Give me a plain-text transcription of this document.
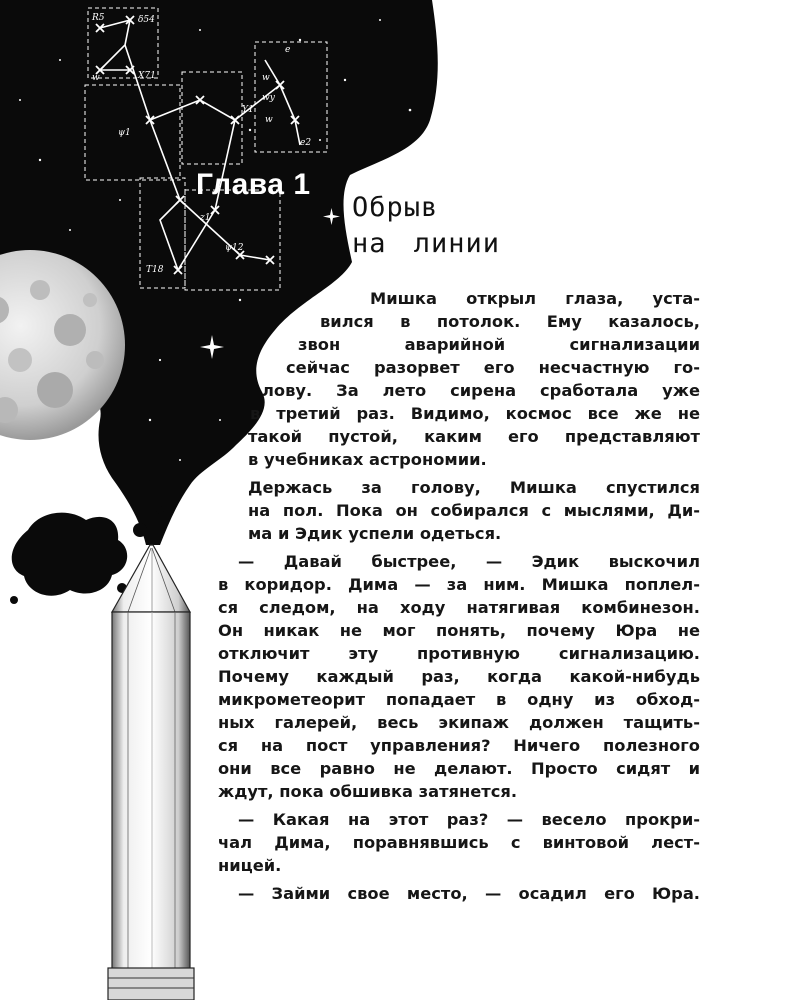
R5	δ54
w	X71
e
w
wy
w
ψ1
Y1
e2
z1
ψ12
T18
Глава 1
Обрыв
на линии
Мишка открыл глаза, уста-
вился в потолок. Ему казалось,
звон аварийной сигнализации
сейчас разорвет его несчастную го-
лову. За лето сирена сработала уже
в третий раз. Видимо, космос все же не
такой пустой, каким его представляют
в учебниках астрономии.
Держась за голову, Мишка спустился
на пол. Пока он собирался с мыслями, Ди-
ма и Эдик успели одеться.
— Давай быстрее, — Эдик выскочил
в коридор. Дима — за ним. Мишка поплел-
ся следом, на ходу натягивая комбинезон.
Он никак не мог понять, почему Юра не
отключит эту противную сигнализацию.
Почему каждый раз, когда какой-нибудь
микрометеорит попадает в одну из обход-
ных галерей, весь экипаж должен тащить-
ся на пост управления? Ничего полезного
они все равно не делают. Просто сидят и
ждут, пока обшивка затянется.
— Какая на этот раз? — весело прокри-
чал Дима, поравнявшись с винтовой лест-
ницей.
— Займи свое место, — осадил его Юра.
